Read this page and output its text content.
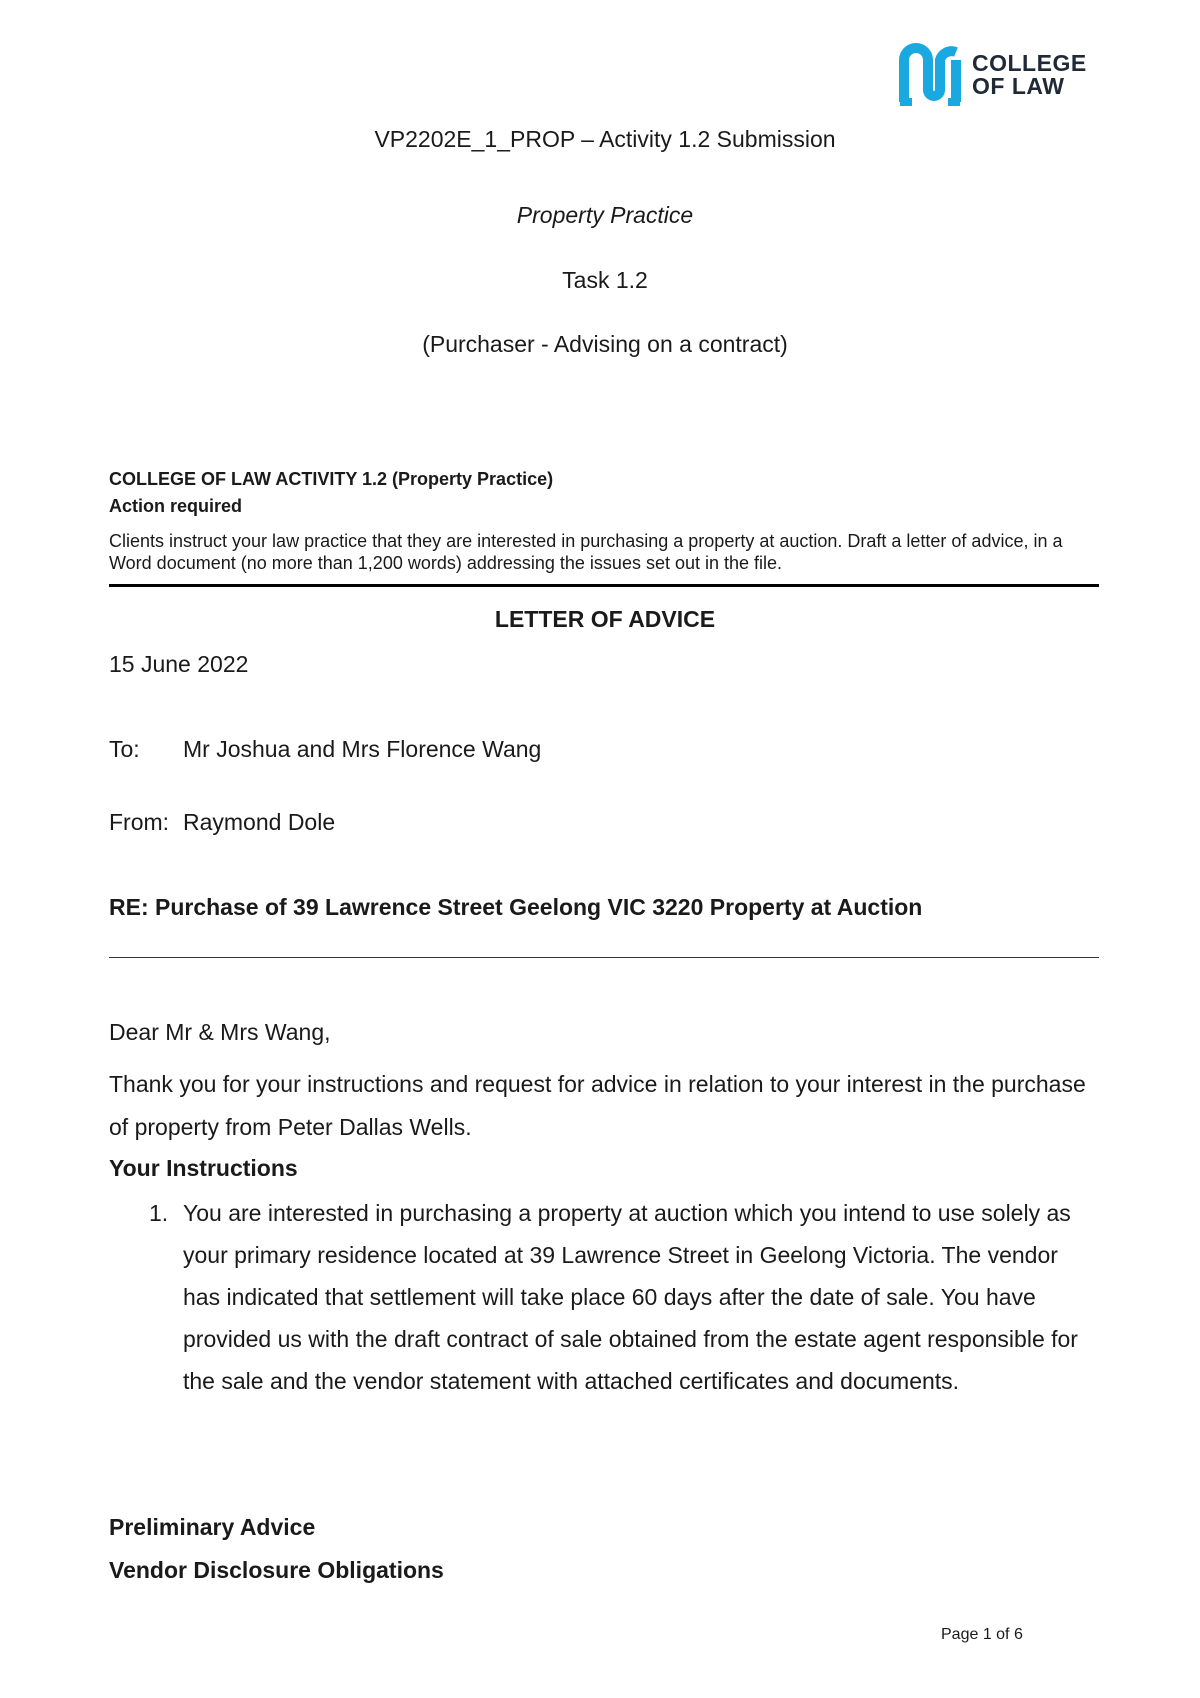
COLLEGE
OF LAW
VP2202E_1_PROP – Activity 1.2 Submission
Property Practice
Task 1.2
(Purchaser - Advising on a contract)
COLLEGE OF LAW ACTIVITY 1.2 (Property Practice)
Action required
Clients instruct your law practice that they are interested in purchasing a property at auction. Draft a letter of advice, in a Word document (no more than 1,200 words) addressing the issues set out in the file.
LETTER OF ADVICE
15 June 2022
To: Mr Joshua and Mrs Florence Wang
From: Raymond Dole
RE: Purchase of 39 Lawrence Street Geelong VIC 3220 Property at Auction
Dear Mr & Mrs Wang,
Thank you for your instructions and request for advice in relation to your interest in the purchase of property from Peter Dallas Wells.
Your Instructions
1. You are interested in purchasing a property at auction which you intend to use solely as your primary residence located at 39 Lawrence Street in Geelong Victoria. The vendor has indicated that settlement will take place 60 days after the date of sale. You have provided us with the draft contract of sale obtained from the estate agent responsible for the sale and the vendor statement with attached certificates and documents.
Preliminary Advice
Vendor Disclosure Obligations
Page 1 of 6
